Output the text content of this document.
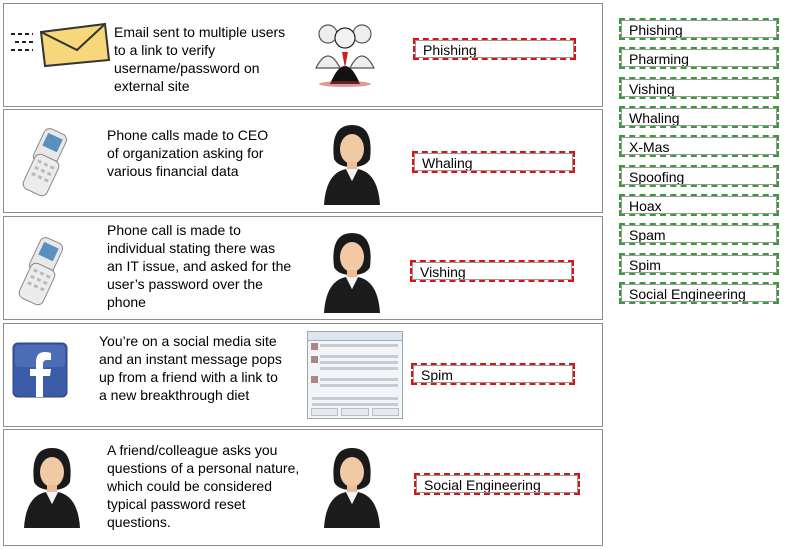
Email sent to multiple users
to a link to verify
username/password on
external site
Phishing
Phone calls made to CEO
of organization asking for
various financial data	Whaling
Phone call is made to
individual stating there was
an IT issue, and asked for the
user’s password over the
phone
Vishing
You’re on a social media site
and an instant message pops
up from a friend with a link to
a new breakthrough diet
Spim
A friend/colleague asks you
questions of a personal nature,
which could be considered
typical password reset
questions.
Social Engineering
Phishing
Pharming
Vishing
Whaling
X-Mas
Spoofing
Hoax
Spam
Spim
Social Engineering
